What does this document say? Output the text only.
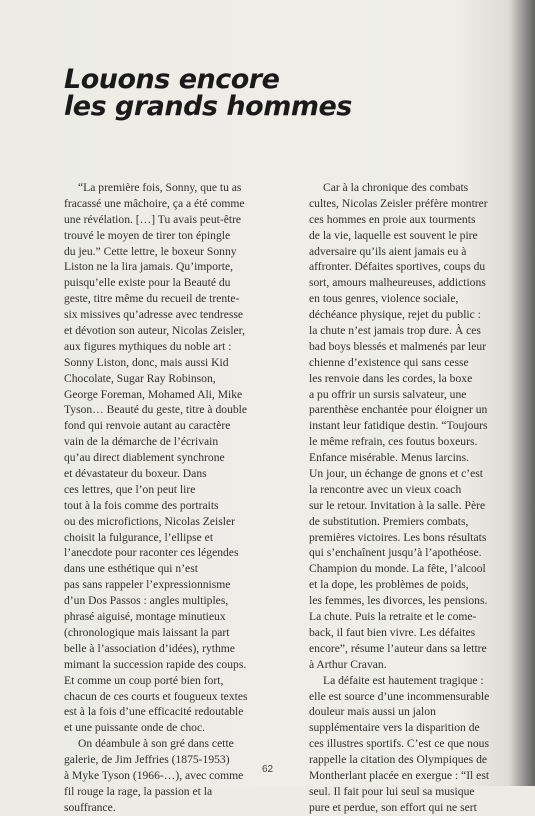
Louons encore
les grands hommes
“La première fois, Sonny, que tu as
fracassé une mâchoire, ça a été comme
une révélation. […] Tu avais peut-être
trouvé le moyen de tirer ton épingle
du jeu.” Cette lettre, le boxeur Sonny
Liston ne la lira jamais. Qu’importe,
puisqu’elle existe pour la Beauté du
geste, titre même du recueil de trente-
six missives qu’adresse avec tendresse
et dévotion son auteur, Nicolas Zeisler,
aux figures mythiques du noble art :
Sonny Liston, donc, mais aussi Kid
Chocolate, Sugar Ray Robinson,
George Foreman, Mohamed Ali, Mike
Tyson… Beauté du geste, titre à double
fond qui renvoie autant au caractère
vain de la démarche de l’écrivain
qu’au direct diablement synchrone
et dévastateur du boxeur. Dans
ces lettres, que l’on peut lire
tout à la fois comme des portraits
ou des microfictions, Nicolas Zeisler
choisit la fulgurance, l’ellipse et
l’anecdote pour raconter ces légendes
dans une esthétique qui n’est
pas sans rappeler l’expressionnisme
d’un Dos Passos : angles multiples,
phrasé aiguisé, montage minutieux
(chronologique mais laissant la part
belle à l’association d’idées), rythme
mimant la succession rapide des coups.
Et comme un coup porté bien fort,
chacun de ces courts et fougueux textes
est à la fois d’une efficacité redoutable
et une puissante onde de choc.
On déambule à son gré dans cette
galerie, de Jim Jeffries (1875-1953)
à Myke Tyson (1966-…), avec comme
fil rouge la rage, la passion et la
souffrance.
Car à la chronique des combats
cultes, Nicolas Zeisler préfère montrer
ces hommes en proie aux tourments
de la vie, laquelle est souvent le pire
adversaire qu’ils aient jamais eu à
affronter. Défaites sportives, coups du
sort, amours malheureuses, addictions
en tous genres, violence sociale,
déchéance physique, rejet du public :
la chute n’est jamais trop dure. À ces
bad boys blessés et malmenés par leur
chienne d’existence qui sans cesse
les renvoie dans les cordes, la boxe
a pu offrir un sursis salvateur, une
parenthèse enchantée pour éloigner un
instant leur fatidique destin. “Toujours
le même refrain, ces foutus boxeurs.
Enfance misérable. Menus larcins.
Un jour, un échange de gnons et c’est
la rencontre avec un vieux coach
sur le retour. Invitation à la salle. Père
de substitution. Premiers combats,
premières victoires. Les bons résultats
qui s’enchaînent jusqu’à l’apothéose.
Champion du monde. La fête, l’alcool
et la dope, les problèmes de poids,
les femmes, les divorces, les pensions.
La chute. Puis la retraite et le come-
back, il faut bien vivre. Les défaites
encore”, résume l’auteur dans sa lettre
à Arthur Cravan.
La défaite est hautement tragique :
elle est source d’une incommensurable
douleur mais aussi un jalon
supplémentaire vers la disparition de
ces illustres sportifs. C’est ce que nous
rappelle la citation des Olympiques de
Montherlant placée en exergue : “Il est
seul. Il fait pour lui seul sa musique
pure et perdue, son effort qui ne sert
62
